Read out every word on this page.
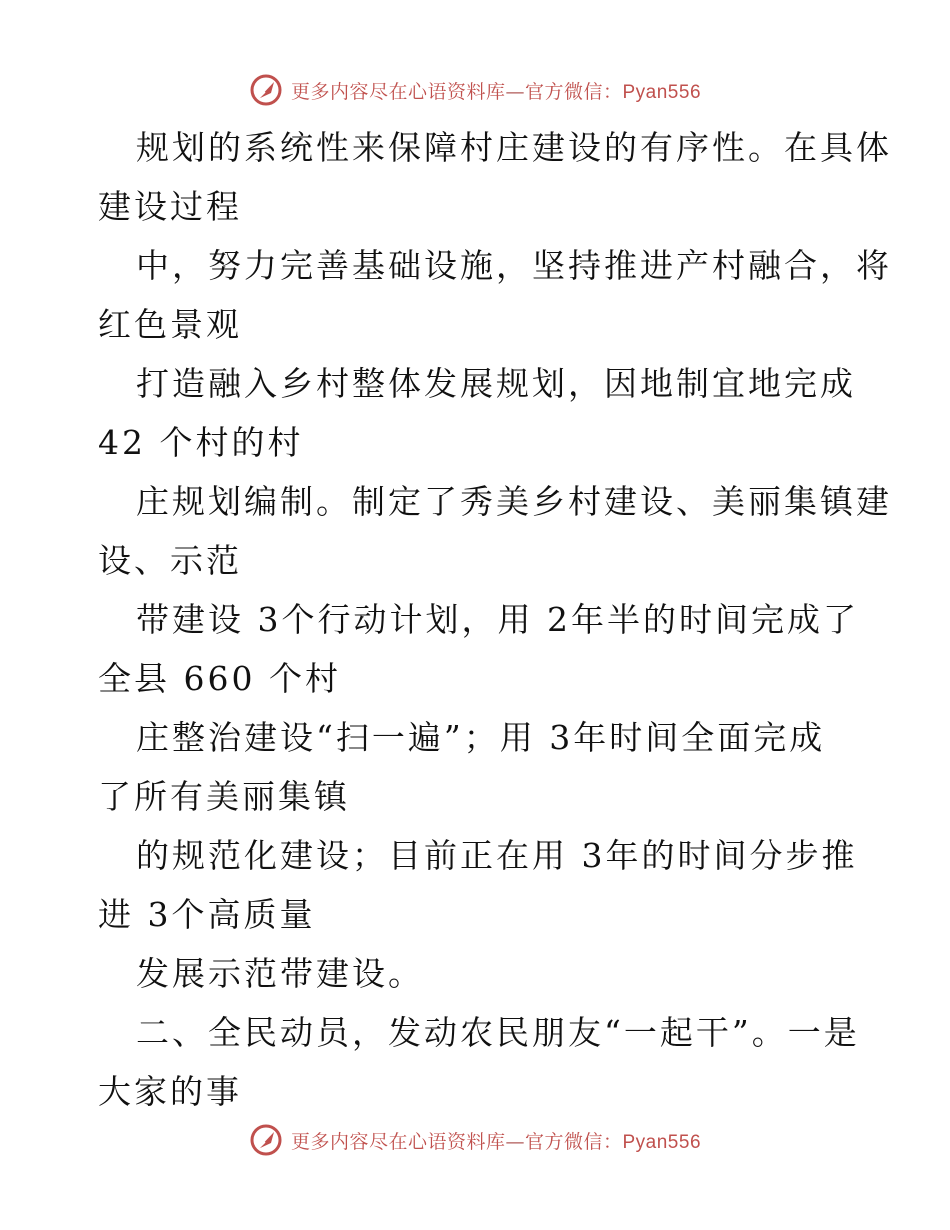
更多内容尽在心语资料库—官方微信：Pyan556
规划的系统性来保障村庄建设的有序性。在具体
建设过程
中，努力完善基础设施，坚持推进产村融合，将
红色景观
打造融入乡村整体发展规划，因地制宜地完成
42 个村的村
庄规划编制。制定了秀美乡村建设、美丽集镇建
设、示范
带建设 3个行动计划，用 2年半的时间完成了
全县 660 个村
庄整治建设“扫一遍”；用 3年时间全面完成
了所有美丽集镇
的规范化建设；目前正在用 3年的时间分步推
进 3个高质量
发展示范带建设。
二、全民动员，发动农民朋友“一起干”。一是
大家的事
更多内容尽在心语资料库—官方微信：Pyan556
